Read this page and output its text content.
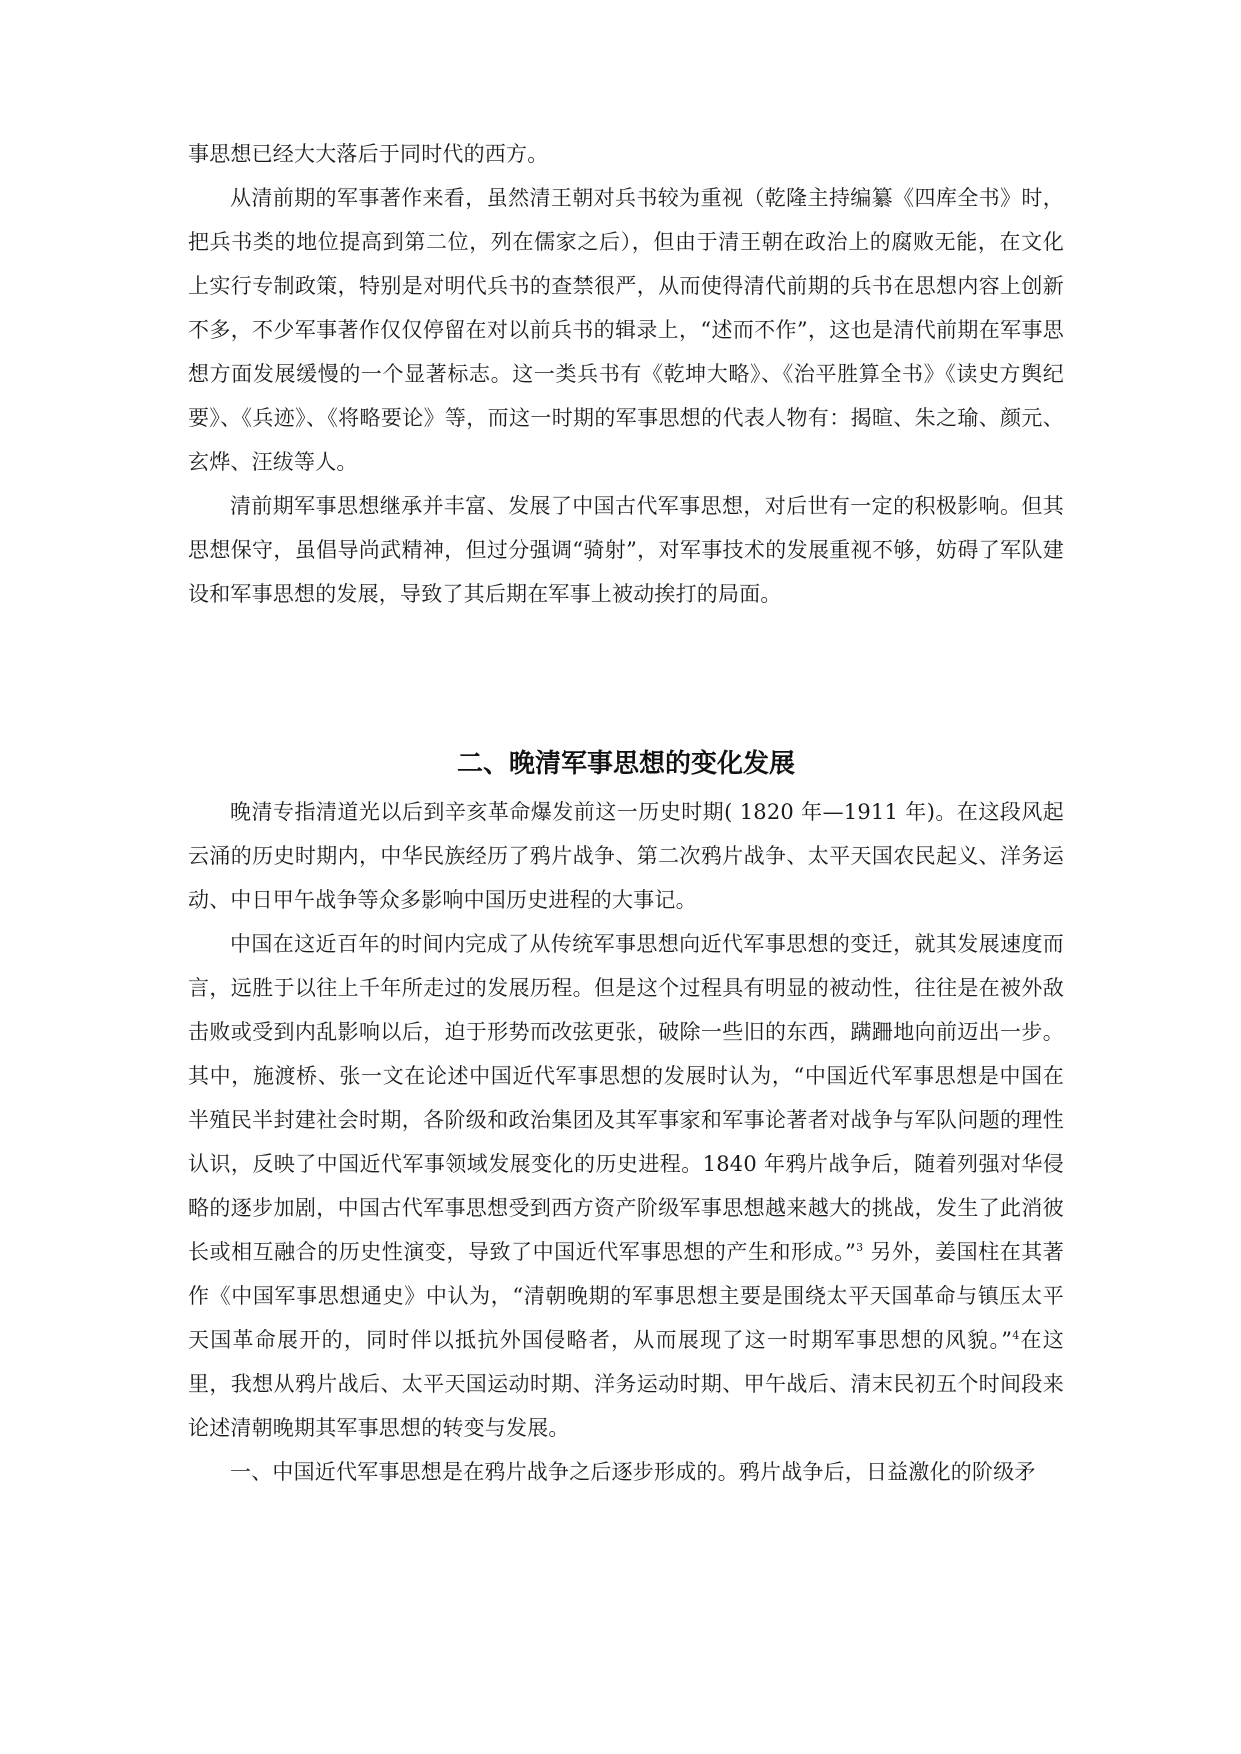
事思想已经大大落后于同时代的西方。

从清前期的军事著作来看，虽然清王朝对兵书较为重视（乾隆主持编纂《四库全书》时，把兵书类的地位提高到第二位，列在儒家之后），但由于清王朝在政治上的腐败无能，在文化上实行专制政策，特别是对明代兵书的查禁很严，从而使得清代前期的兵书在思想内容上创新不多，不少军事著作仅仅停留在对以前兵书的辑录上，“述而不作”，这也是清代前期在军事思想方面发展缓慢的一个显著标志。这一类兵书有《乾坤大略》、《治平胜算全书》《读史方舆纪要》、《兵迹》、《将略要论》等，而这一时期的军事思想的代表人物有：揭暄、朱之瑜、颜元、玄烨、汪绂等人。

清前期军事思想继承并丰富、发展了中国古代军事思想，对后世有一定的积极影响。但其思想保守，虽倡导尚武精神，但过分强调“骑射”，对军事技术的发展重视不够，妨碍了军队建设和军事思想的发展，导致了其后期在军事上被动挨打的局面。

二、晚清军事思想的变化发展

晚清专指清道光以后到辛亥革命爆发前这一历史时期( 1820 年—1911 年)。在这段风起云涌的历史时期内，中华民族经历了鸦片战争、第二次鸦片战争、太平天国农民起义、洋务运动、中日甲午战争等众多影响中国历史进程的大事记。

中国在这近百年的时间内完成了从传统军事思想向近代军事思想的变迁，就其发展速度而言，远胜于以往上千年所走过的发展历程。但是这个过程具有明显的被动性，往往是在被外敌击败或受到内乱影响以后，迫于形势而改弦更张，破除一些旧的东西，蹒跚地向前迈出一步。其中，施渡桥、张一文在论述中国近代军事思想的发展时认为，“中国近代军事思想是中国在半殖民半封建社会时期，各阶级和政治集团及其军事家和军事论著者对战争与军队问题的理性认识，反映了中国近代军事领域发展变化的历史进程。1840 年鸦片战争后，随着列强对华侵略的逐步加剧，中国古代军事思想受到西方资产阶级军事思想越来越大的挑战，发生了此消彼长或相互融合的历史性演变，导致了中国近代军事思想的产生和形成。”$^3$ 另外，姜国柱在其著作《中国军事思想通史》中认为，“清朝晚期的军事思想主要是围绕太平天国革命与镇压太平天国革命展开的，同时伴以抵抗外国侵略者，从而展现了这一时期军事思想的风貌。”$^4$在这里，我想从鸦片战后、太平天国运动时期、洋务运动时期、甲午战后、清末民初五个时间段来论述清朝晚期其军事思想的转变与发展。

一、中国近代军事思想是在鸦片战争之后逐步形成的。鸦片战争后，日益激化的阶级矛
